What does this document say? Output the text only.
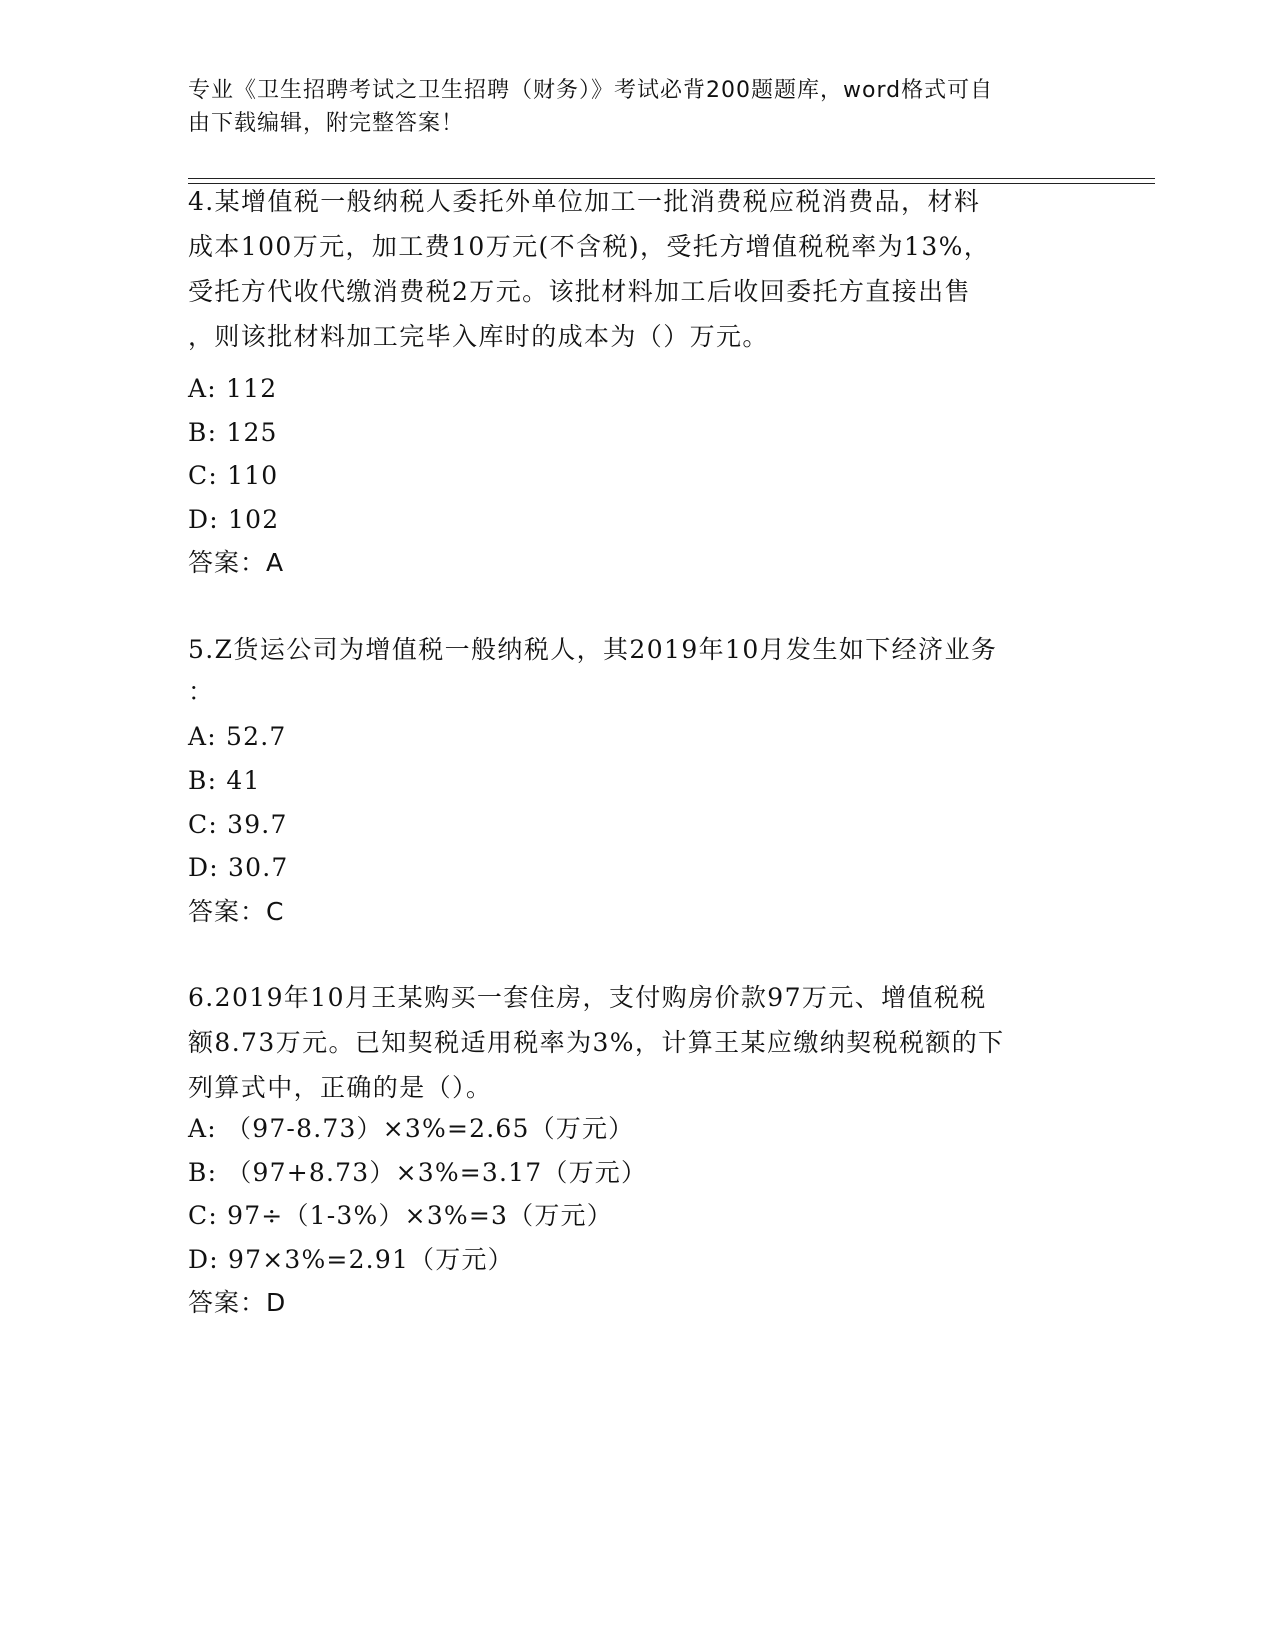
专业《卫生招聘考试之卫生招聘（财务）》考试必背200题题库，word格式可自
由下载编辑，附完整答案！
4.某增值税一般纳税人委托外单位加工一批消费税应税消费品，材料
成本100万元，加工费10万元(不含税)，受托方增值税税率为13%，
受托方代收代缴消费税2万元。该批材料加工后收回委托方直接出售
，则该批材料加工完毕入库时的成本为（）万元。
A: 112
B: 125
C: 110
D: 102
答案：A
5.Z货运公司为增值税一般纳税人，其2019年10月发生如下经济业务
：
A: 52.7
B: 41
C: 39.7
D: 30.7
答案：C
6.2019年10月王某购买一套住房，支付购房价款97万元、增值税税
额8.73万元。已知契税适用税率为3%，计算王某应缴纳契税税额的下
列算式中，正确的是（）。
A: （97-8.73）×3%=2.65（万元）
B: （97+8.73）×3%=3.17（万元）
C: 97÷（1-3%）×3%=3（万元）
D: 97×3%=2.91（万元）
答案：D
